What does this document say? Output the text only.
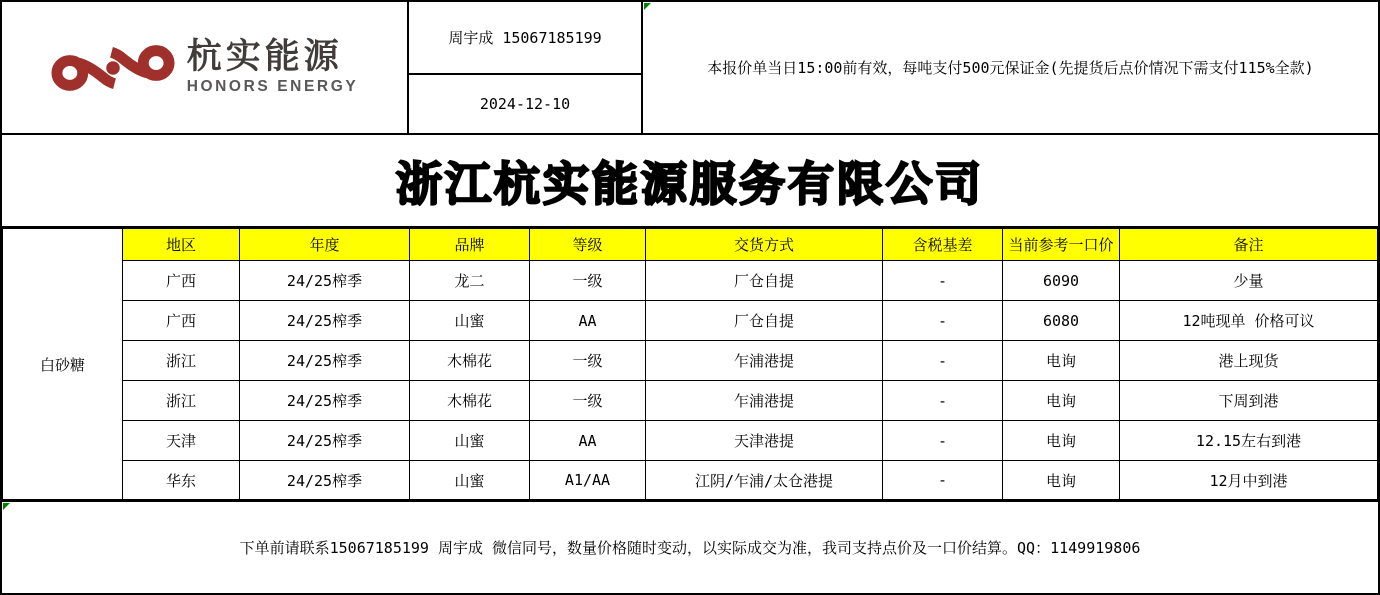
杭实能源
HONORS ENERGY
周宇成 15067185199
2024-12-10
本报价单当日15:00前有效，每吨支付500元保证金(先提货后点价情况下需支付115%全款)
浙江杭实能源服务有限公司
白砂糖	地区	年度	品牌	等级	交货方式	含税基差	当前参考一口价	备注
	广西	24/25榨季	龙二	一级	厂仓自提	-	6090	少量
	广西	24/25榨季	山蜜	AA	厂仓自提	-	6080	12吨现单 价格可议
	浙江	24/25榨季	木棉花	一级	乍浦港提	-	电询	港上现货
	浙江	24/25榨季	木棉花	一级	乍浦港提	-	电询	下周到港
	天津	24/25榨季	山蜜	AA	天津港提	-	电询	12.15左右到港
	华东	24/25榨季	山蜜	A1/AA	江阴/乍浦/太仓港提	-	电询	12月中到港
下单前请联系15067185199 周宇成 微信同号，数量价格随时变动，以实际成交为准，我司支持点价及一口价结算。QQ：1149919806
